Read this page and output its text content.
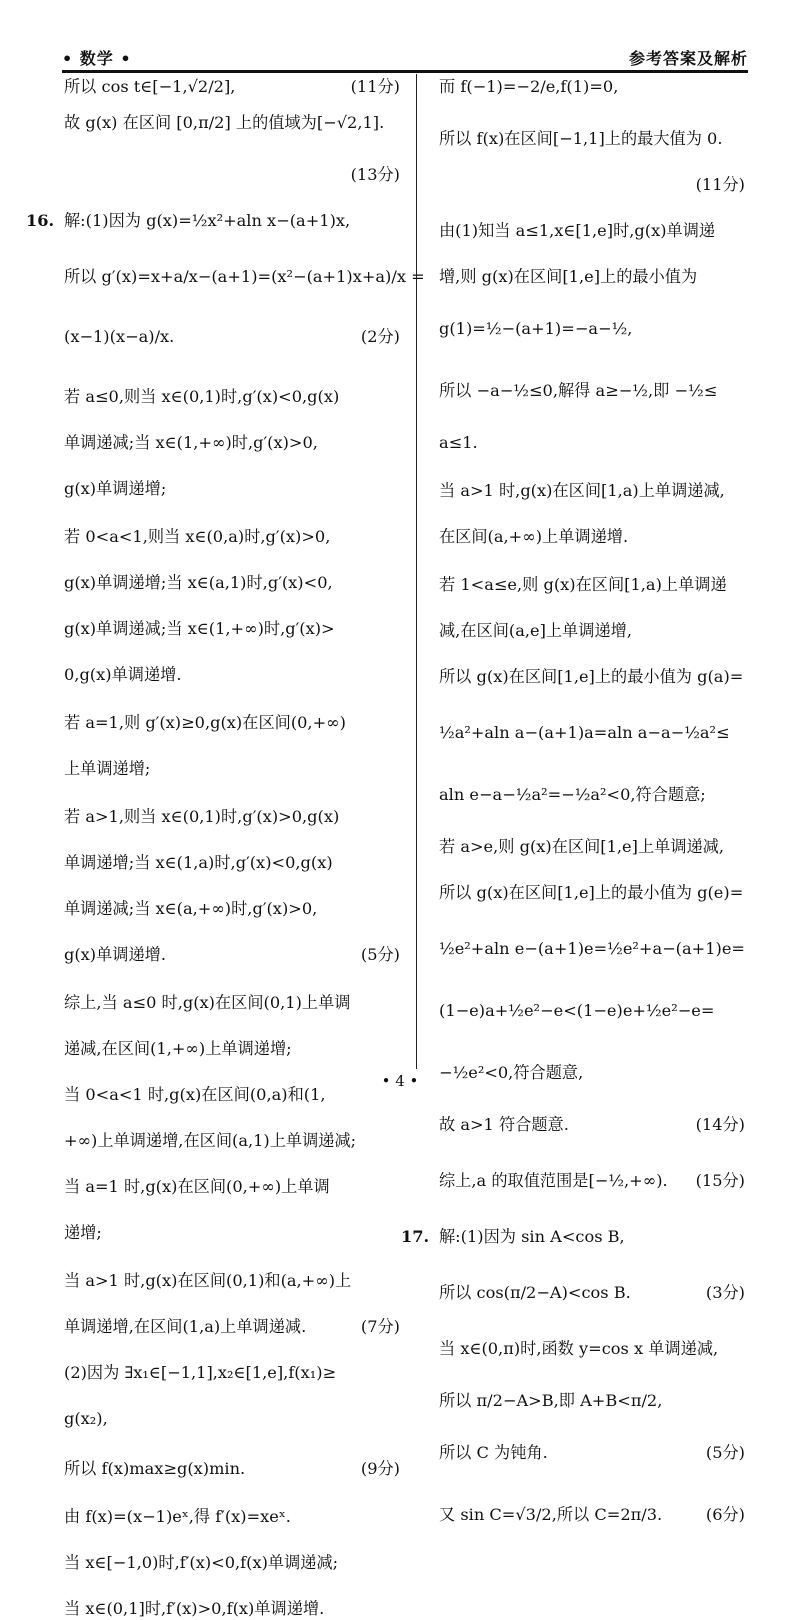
• 数学 •	参考答案及解析
所以 cos t∈[−1,√2/2],	(11分)
故 g(x) 在区间 [0,π/2] 上的值域为[−√2,1].
(13分)
16. 解:(1)因为 g(x)=½x²+aln x−(a+1)x,
所以 g′(x)=x+a/x−(a+1)=(x²−(a+1)x+a)/x =
(x−1)(x−a)/x.	(2分)
若 a≤0,则当 x∈(0,1)时,g′(x)<0,g(x)
单调递减;当 x∈(1,+∞)时,g′(x)>0,
g(x)单调递增;
若 0<a<1,则当 x∈(0,a)时,g′(x)>0,
g(x)单调递增;当 x∈(a,1)时,g′(x)<0,
g(x)单调递减;当 x∈(1,+∞)时,g′(x)>
0,g(x)单调递增.
若 a=1,则 g′(x)≥0,g(x)在区间(0,+∞)
上单调递增;
若 a>1,则当 x∈(0,1)时,g′(x)>0,g(x)
单调递增;当 x∈(1,a)时,g′(x)<0,g(x)
单调递减;当 x∈(a,+∞)时,g′(x)>0,
g(x)单调递增.	(5分)
综上,当 a≤0 时,g(x)在区间(0,1)上单调
递减,在区间(1,+∞)上单调递增;
当 0<a<1 时,g(x)在区间(0,a)和(1,
+∞)上单调递增,在区间(a,1)上单调递减;
当 a=1 时,g(x)在区间(0,+∞)上单调
递增;
当 a>1 时,g(x)在区间(0,1)和(a,+∞)上
单调递增,在区间(1,a)上单调递减.	(7分)
(2)因为 ∃x₁∈[−1,1],x₂∈[1,e],f(x₁)≥
g(x₂),
所以 f(x)max≥g(x)min.	(9分)
由 f(x)=(x−1)eˣ,得 f′(x)=xeˣ.
当 x∈[−1,0)时,f′(x)<0,f(x)单调递减;
当 x∈(0,1]时,f′(x)>0,f(x)单调递增.
而 f(−1)=−2/e,f(1)=0,
所以 f(x)在区间[−1,1]上的最大值为 0.
(11分)
由(1)知当 a≤1,x∈[1,e]时,g(x)单调递
增,则 g(x)在区间[1,e]上的最小值为
g(1)=½−(a+1)=−a−½,
所以 −a−½≤0,解得 a≥−½,即 −½≤
a≤1.
当 a>1 时,g(x)在区间[1,a)上单调递减,
在区间(a,+∞)上单调递增.
若 1<a≤e,则 g(x)在区间[1,a)上单调递
减,在区间(a,e]上单调递增,
所以 g(x)在区间[1,e]上的最小值为 g(a)=
½a²+aln a−(a+1)a=aln a−a−½a²≤
aln e−a−½a²=−½a²<0,符合题意;
若 a>e,则 g(x)在区间[1,e]上单调递减,
所以 g(x)在区间[1,e]上的最小值为 g(e)=
½e²+aln e−(a+1)e=½e²+a−(a+1)e=
(1−e)a+½e²−e<(1−e)e+½e²−e=
−½e²<0,符合题意,
故 a>1 符合题意.	(14分)
综上,a 的取值范围是[−½,+∞). (15分)
17. 解:(1)因为 sin A<cos B,
所以 cos(π/2−A)<cos B.	(3分)
当 x∈(0,π)时,函数 y=cos x 单调递减,
所以 π/2−A>B,即 A+B<π/2,
所以 C 为钝角.	(5分)
又 sin C=√3/2,所以 C=2π/3.	(6分)
• 4 •
